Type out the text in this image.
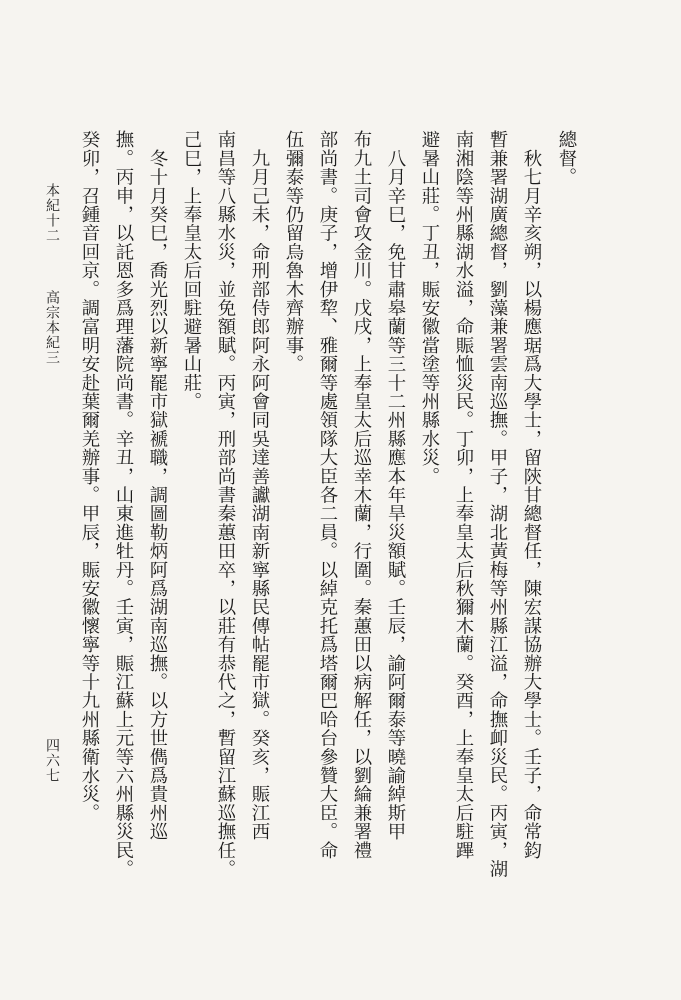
總督。
　秋七月辛亥朔，以楊應琚爲大學士，留陝甘總督任，陳宏謀協辦大學士。壬子，命常鈞
暫兼署湖廣總督，劉藻兼署雲南巡撫。甲子，湖北黃梅等州縣江溢，命撫卹災民。丙寅，湖
南湘陰等州縣湖水溢，命賑恤災民。丁卯，上奉皇太后秋獮木蘭。癸酉，上奉皇太后駐蹕
避暑山莊。丁丑，賑安徽當塗等州縣水災。
　八月辛巳，免甘肅皋蘭等三十二州縣應本年旱災額賦。壬辰，諭阿爾泰等曉諭綽斯甲
布九土司會攻金川。戊戌，上奉皇太后巡幸木蘭，行圍。秦蕙田以病解任，以劉綸兼署禮
部尚書。庚子，增伊犂、雅爾等處領隊大臣各二員。以綽克托爲塔爾巴哈台參贊大臣。命
伍彌泰等仍留烏魯木齊辦事。
　九月己未，命刑部侍郎阿永阿會同吳達善讞湖南新寧縣民傳帖罷市獄。癸亥，賑江西
南昌等八縣水災，並免額賦。丙寅，刑部尚書秦蕙田卒，以莊有恭代之，暫留江蘇巡撫任。
己巳，上奉皇太后回駐避暑山莊。
　冬十月癸巳，喬光烈以新寧罷市獄褫職，調圖勒炳阿爲湖南巡撫。以方世儁爲貴州巡
撫。丙申，以託恩多爲理藩院尚書。辛丑，山東進牡丹。壬寅，賑江蘇上元等六州縣災民。
癸卯，召鍾音回京。調富明安赴葉爾羌辦事。甲辰，賑安徽懷寧等十九州縣衛水災。
本紀十二
高宗本紀三
四六七
